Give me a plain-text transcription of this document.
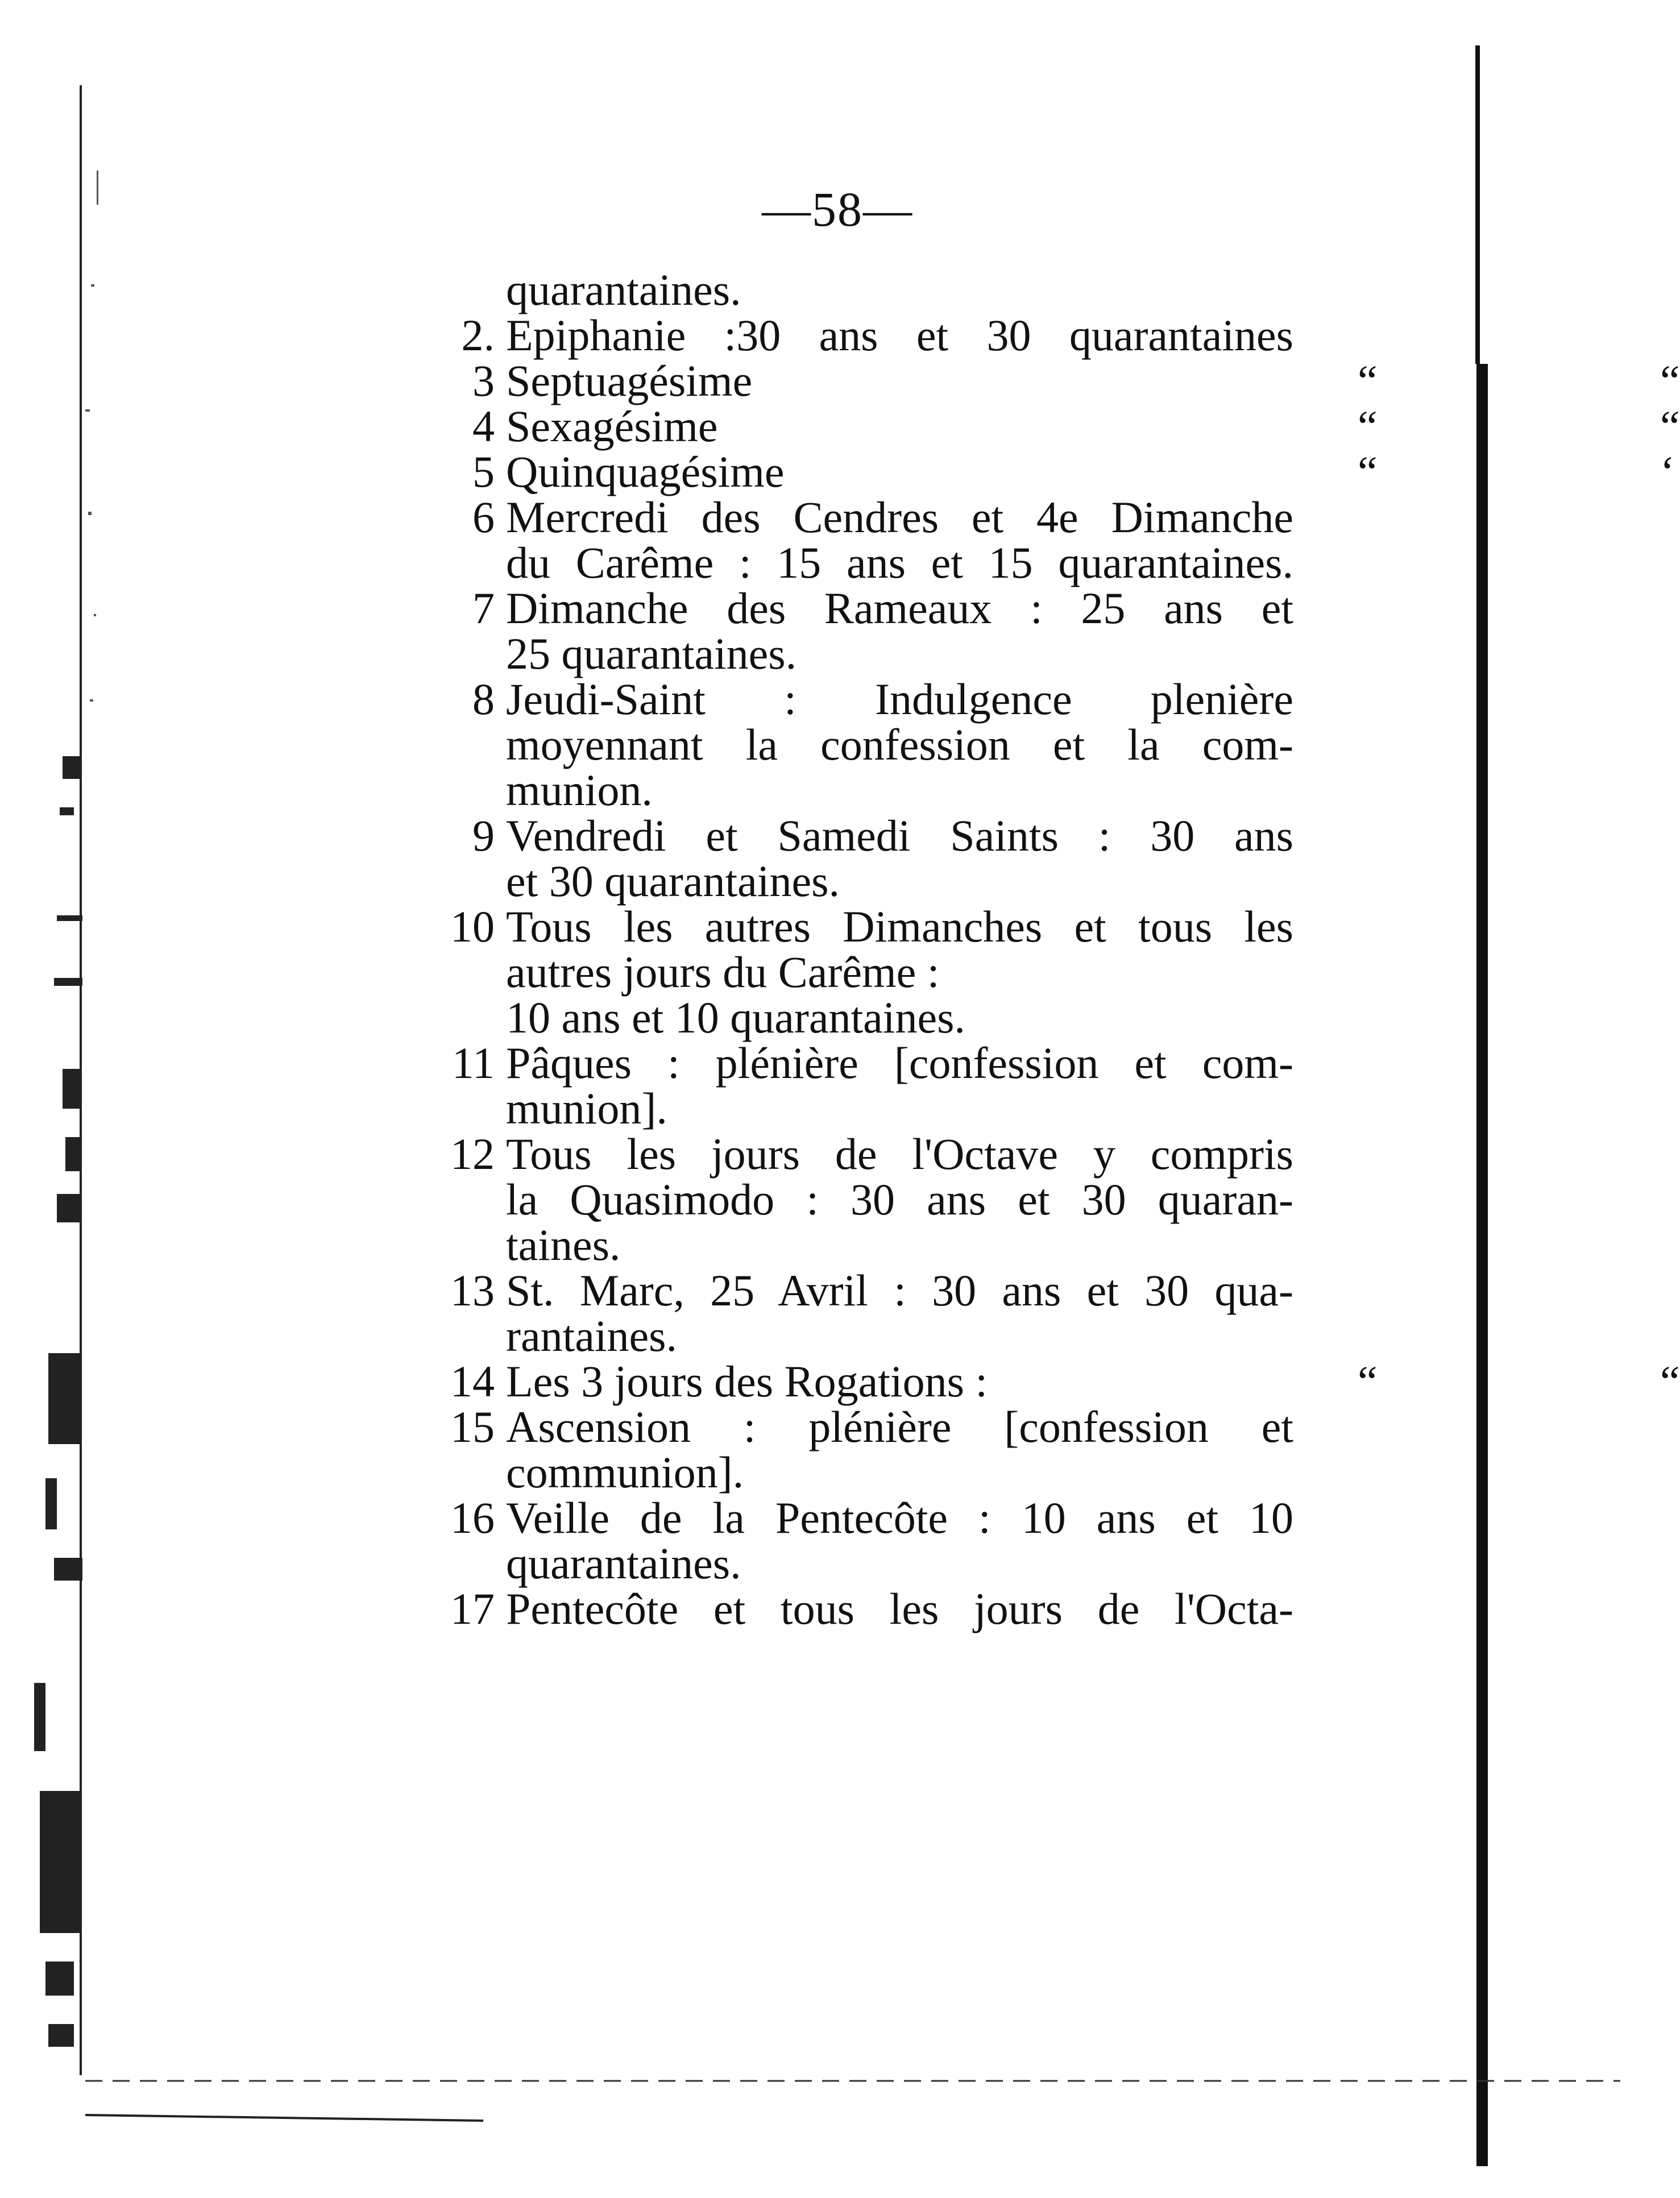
—58—
quarantaines.
2. Epiphanie :30 ans et 30 quarantaines
3 Septuagésime	“	“
4 Sexagésime	“	“
5 Quinquagésime	“	‘
6 Mercredi des Cendres et 4e Dimanche
du Carême : 15 ans et 15 quarantaines.
7 Dimanche des Rameaux : 25 ans et
25 quarantaines.
8 Jeudi-Saint : Indulgence plenière
moyennant la confession et la com-
munion.
9 Vendredi et Samedi Saints : 30 ans
et 30 quarantaines.
10 Tous les autres Dimanches et tous les
autres jours du Carême :
10 ans et 10 quarantaines.
11 Pâques : plénière [confession et com-
munion].
12 Tous les jours de l'Octave y compris
la Quasimodo : 30 ans et 30 quaran-
taines.
13 St. Marc, 25 Avril : 30 ans et 30 qua-
rantaines.
14 Les 3 jours des Rogations :	“	“
15 Ascension : plénière [confession et
communion].
16 Veille de la Pentecôte : 10 ans et 10
quarantaines.
17 Pentecôte et tous les jours de l'Octa-
